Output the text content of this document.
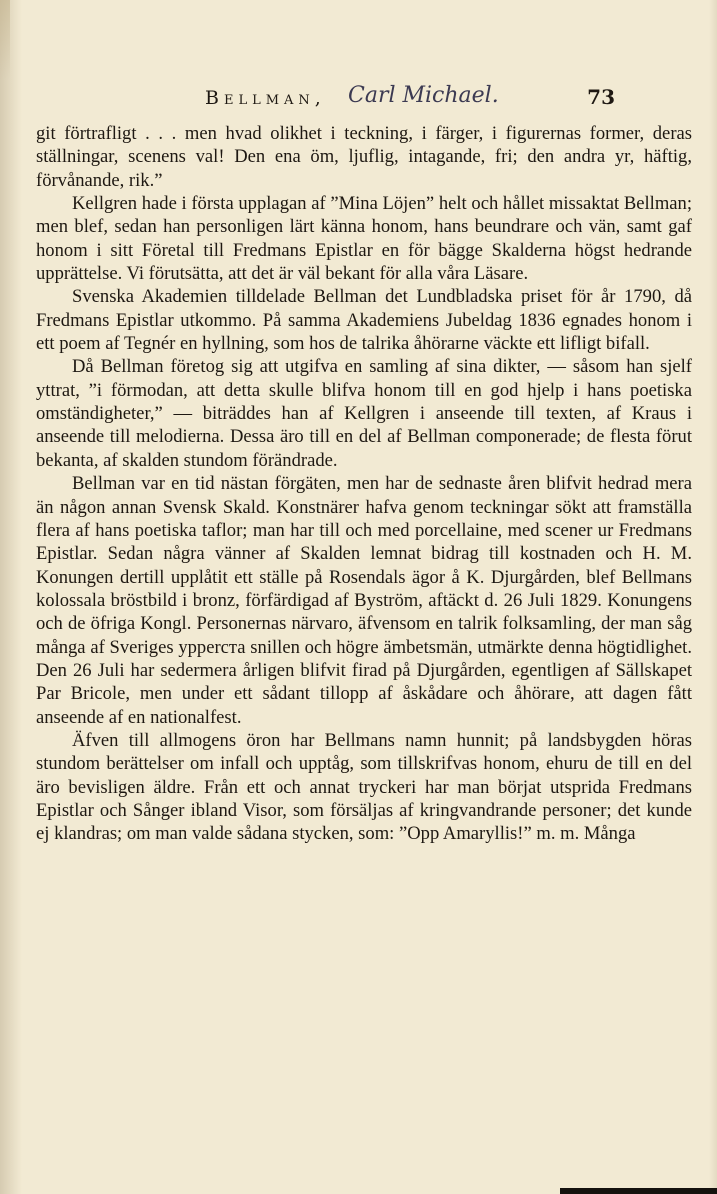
Bellman, Carl Michael.	73

git förtrafligt . . . men hvad olikhet i teckning, i färger, i figurernas former, deras ställningar, scenens val! Den ena öm, ljuflig, intagande, fri; den andra yr, häftig, förvånande, rik.”

Kellgren hade i första upplagan af ”Mina Löjen” helt och hållet missaktat Bellman; men blef, sedan han personligen lärt känna honom, hans beundrare och vän, samt gaf honom i sitt Företal till Fredmans Epistlar en för bägge Skalderna högst hedrande upprättelse. Vi förutsätta, att det är väl bekant för alla våra Läsare.

Svenska Akademien tilldelade Bellman det Lundbladska priset för år 1790, då Fredmans Epistlar utkommo. På samma Akademiens Jubeldag 1836 egnades honom i ett poem af Tegnér en hyllning, som hos de talrika åhörarne väckte ett lifligt bifall.

Då Bellman företog sig att utgifva en samling af sina dikter, — såsom han sjelf yttrat, ”i förmodan, att detta skulle blifva honom till en god hjelp i hans poetiska omständigheter,” — biträddes han af Kellgren i anseende till texten, af Kraus i anseende till melodierna. Dessa äro till en del af Bellman componerade; de flesta förut bekanta, af skalden stundom förändrade.

Bellman var en tid nästan förgäten, men har de sednaste åren blifvit hedrad mera än någon annan Svensk Skald. Konstnärer hafva genom teckningar sökt att framställa flera af hans poetiska taflor; man har till och med porcellaine, med scener ur Fredmans Epistlar. Sedan några vänner af Skalden lemnat bidrag till kostnaden och H. M. Konungen dertill upplåtit ett ställe på Rosendals ägor å K. Djurgården, blef Bellmans kolossala bröstbild i bronz, förfärdigad af Byström, aftäckt d. 26 Juli 1829. Konungens och de öfriga Kongl. Personernas närvaro, äfvensom en talrik folksamling, der man såg många af Sveriges ypperста snillen och högre ämbetsmän, utmärkte denna högtidlighet. Den 26 Juli har sedermera årligen blifvit firad på Djurgården, egentligen af Sällskapet Par Bricole, men under ett sådant tillopp af åskådare och åhörare, att dagen fått anseende af en nationalfest.

Äfven till allmogens öron har Bellmans namn hunnit; på landsbygden höras stundom berättelser om infall och upptåg, som tillskrifvas honom, ehuru de till en del äro bevisligen äldre. Från ett och annat tryckeri har man börjat utsprida Fredmans Epistlar och Sånger ibland Visor, som försäljas af kringvandrande personer; det kunde ej klandras; om man valde sådana stycken, som: ”Opp Amaryllis!” m. m. Många
